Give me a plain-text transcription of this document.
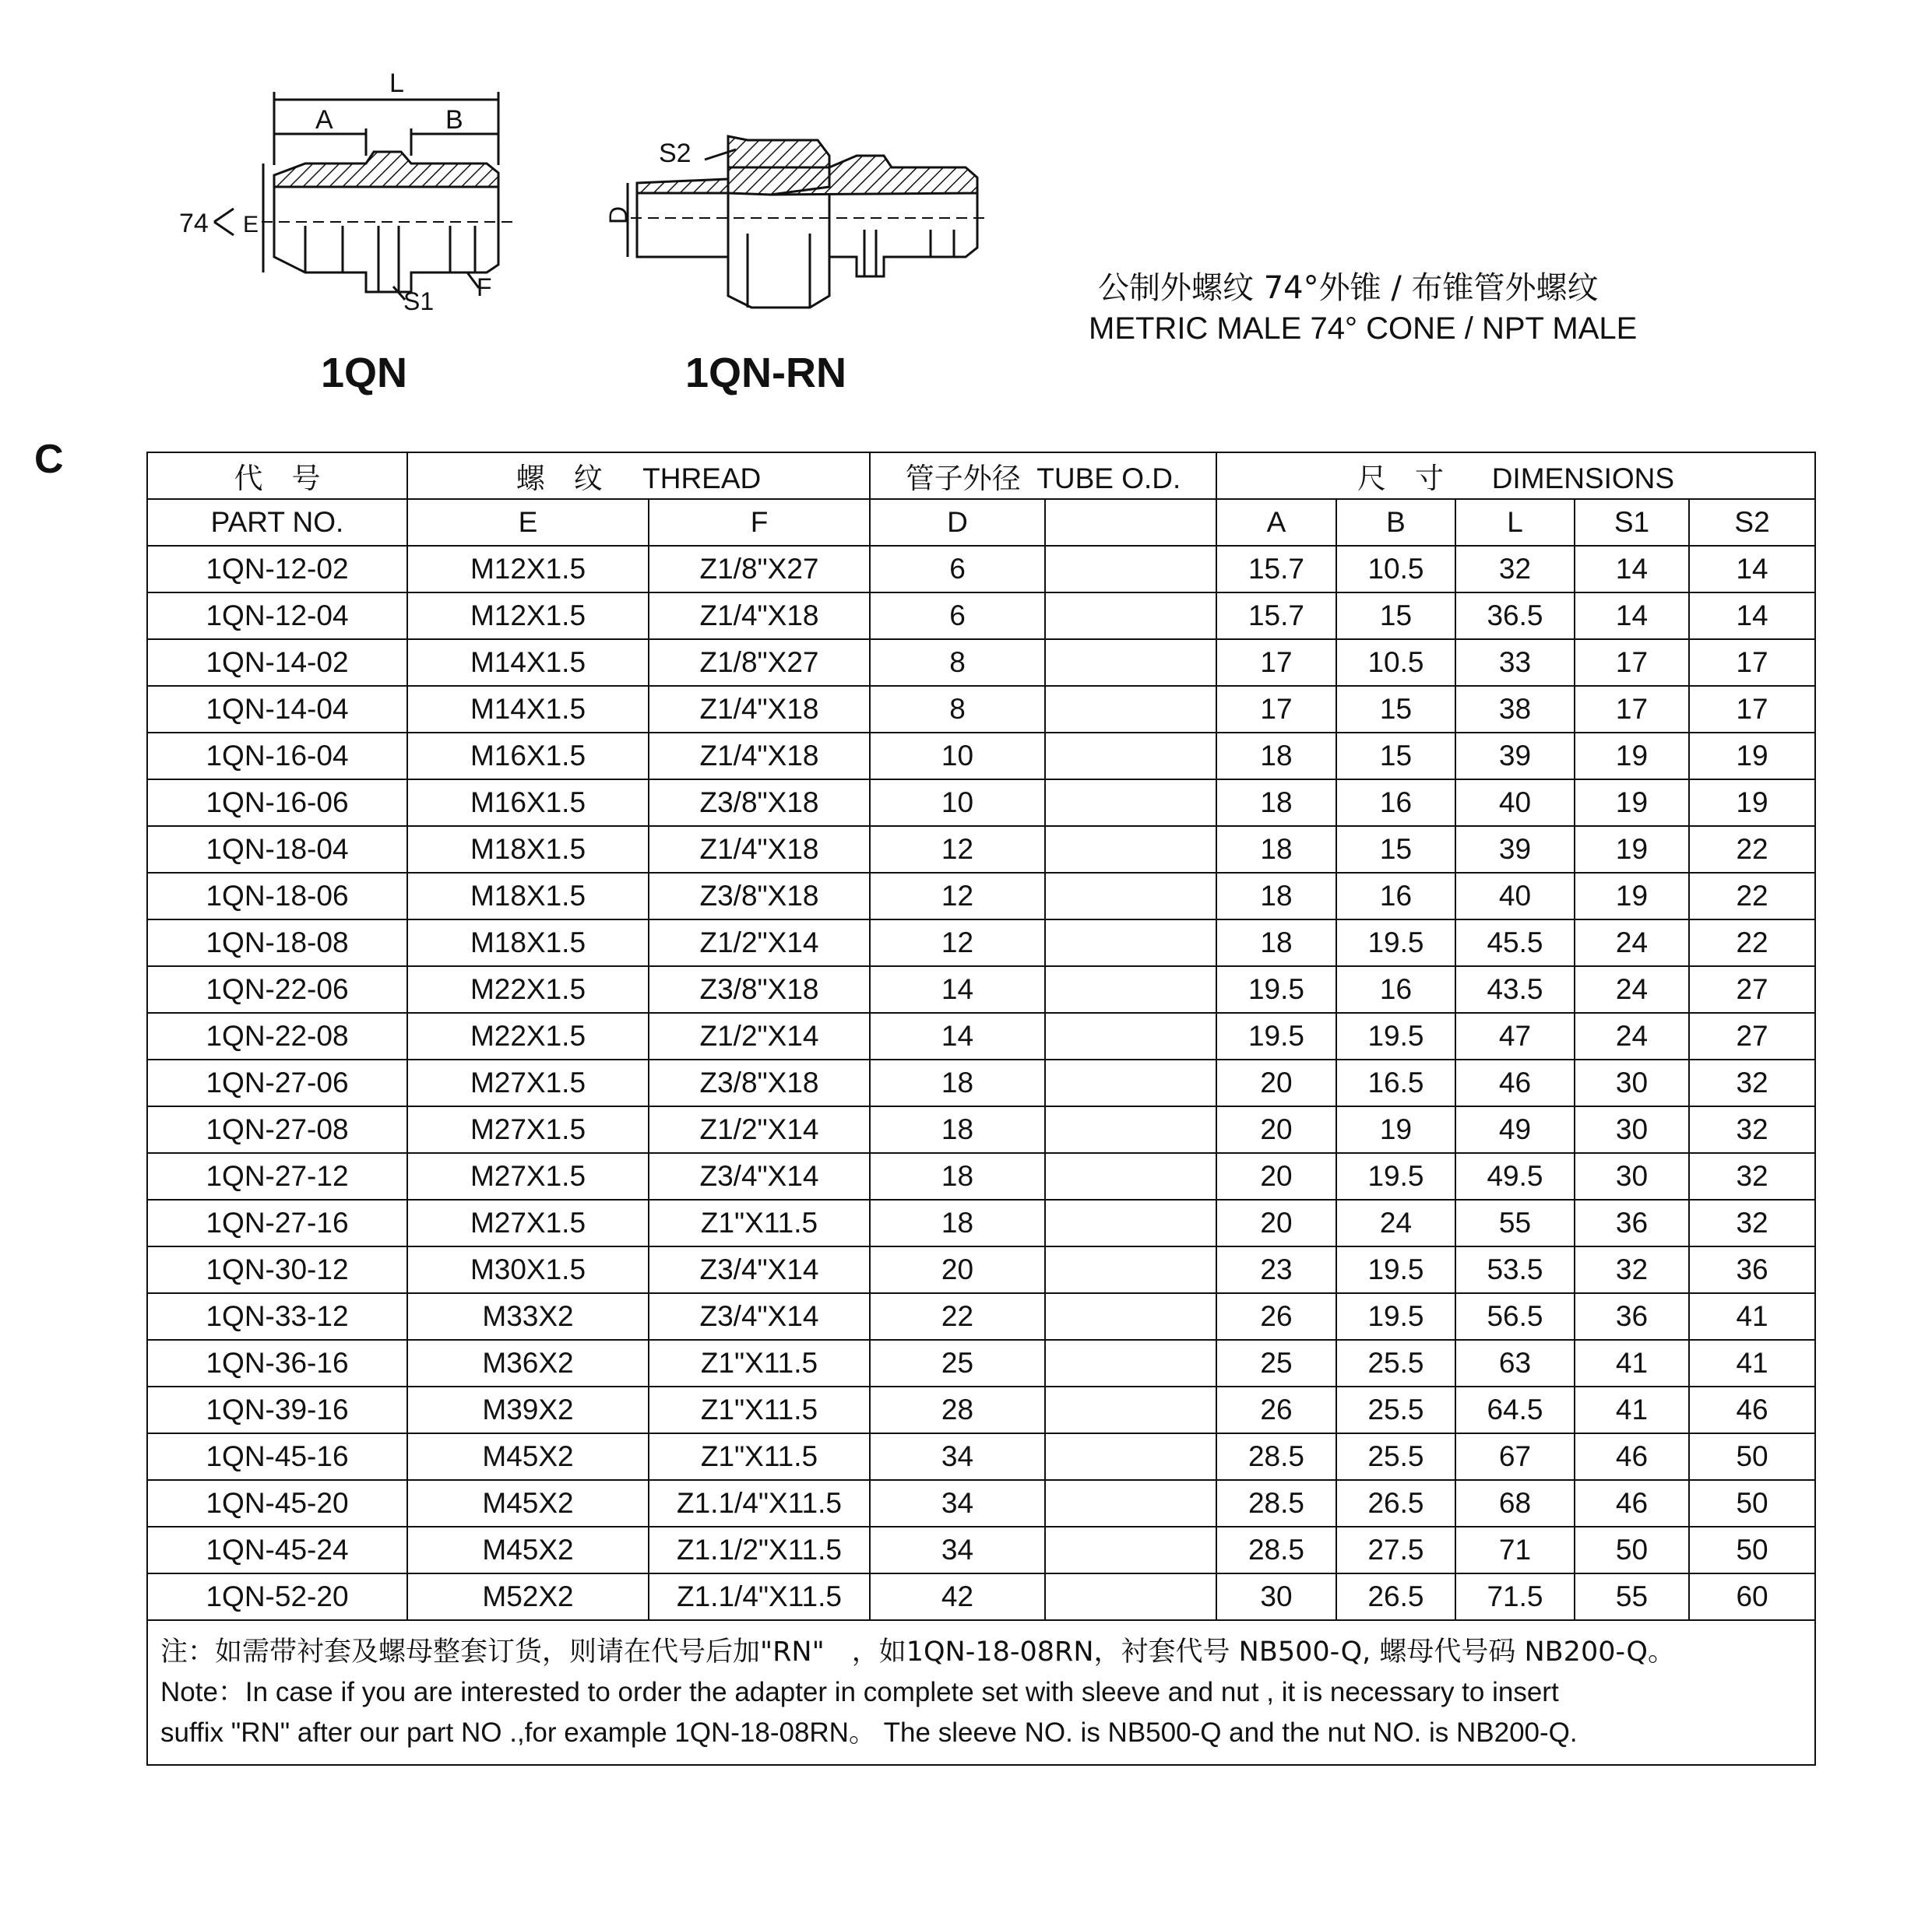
L
A	B
74 E
S1 F
S2
D
1QN	1QN-RN
公制外螺纹 74°外锥 / 布锥管外螺纹
METRIC MALE 74° CONE / NPT MALE
C	代　号	螺　纹 THREAD		管子外径 TUBE O.D.		尺　寸 DIMENSIONS				
PART NO.	E	F	D		A	B	L	S1	S2
1QN-12-02	M12X1.5	Z1/8"X27	6		15.7	10.5	32	14	14
1QN-12-04	M12X1.5	Z1/4"X18	6		15.7	15	36.5	14	14
1QN-14-02	M14X1.5	Z1/8"X27	8		17	10.5	33	17	17
1QN-14-04	M14X1.5	Z1/4"X18	8		17	15	38	17	17
1QN-16-04	M16X1.5	Z1/4"X18	10		18	15	39	19	19
1QN-16-06	M16X1.5	Z3/8"X18	10		18	16	40	19	19
1QN-18-04	M18X1.5	Z1/4"X18	12		18	15	39	19	22
1QN-18-06	M18X1.5	Z3/8"X18	12		18	16	40	19	22
1QN-18-08	M18X1.5	Z1/2"X14	12		18	19.5	45.5	24	22
1QN-22-06	M22X1.5	Z3/8"X18	14		19.5	16	43.5	24	27
1QN-22-08	M22X1.5	Z1/2"X14	14		19.5	19.5	47	24	27
1QN-27-06	M27X1.5	Z3/8"X18	18		20	16.5	46	30	32
1QN-27-08	M27X1.5	Z1/2"X14	18		20	19	49	30	32
1QN-27-12	M27X1.5	Z3/4"X14	18		20	19.5	49.5	30	32
1QN-27-16	M27X1.5	Z1"X11.5	18		20	24	55	36	32
1QN-30-12	M30X1.5	Z3/4"X14	20		23	19.5	53.5	32	36
1QN-33-12	M33X2	Z3/4"X14	22		26	19.5	56.5	36	41
1QN-36-16	M36X2	Z1"X11.5	25		25	25.5	63	41	41
1QN-39-16	M39X2	Z1"X11.5	28		26	25.5	64.5	41	46
1QN-45-16	M45X2	Z1"X11.5	34		28.5	25.5	67	46	50
1QN-45-20	M45X2	Z1.1/4"X11.5	34		28.5	26.5	68	46	50
1QN-45-24	M45X2	Z1.1/2"X11.5	34		28.5	27.5	71	50	50
1QN-52-20	M52X2	Z1.1/4"X11.5	42		30	26.5	71.5	55	60

注：如需带衬套及螺母整套订货，则请在代号后加"RN"　，如1QN-18-08RN，衬套代号 NB500-Q, 螺母代号码 NB200-Q。
Note：In case if you are interested to order the adapter in complete set with sleeve and nut , it is necessary to insert
suffix "RN" after our part NO .,for example 1QN-18-08RN。 The sleeve NO. is NB500-Q and the nut NO. is NB200-Q.									
